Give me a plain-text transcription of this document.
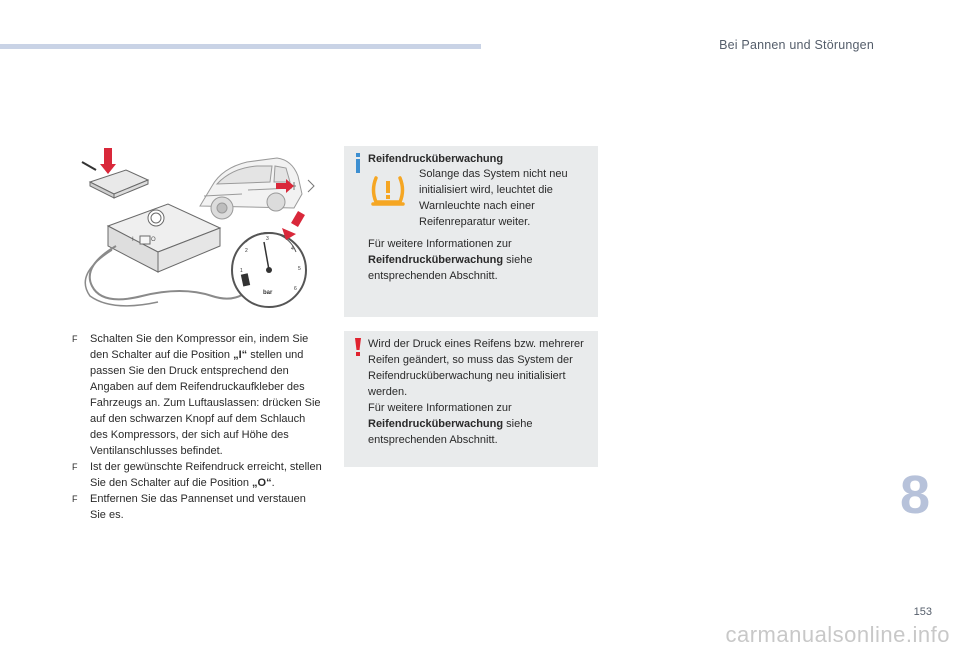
Bei Pannen und Störungen
I	O
1
2
3
4
5
6
bar
Reifendrucküberwachung
Solange das System nicht neu initialisiert wird, leuchtet die Warnleuchte nach einer Reifenreparatur weiter.
Für weitere Informationen zur
Reifendrucküberwachung siehe entsprechenden Abschnitt.
Wird der Druck eines Reifens bzw. mehrerer Reifen geändert, so muss das System der Reifendrucküberwachung neu initialisiert werden.
Für weitere Informationen zur
Reifendrucküberwachung siehe entsprechenden Abschnitt.
F Schalten Sie den Kompressor ein, indem Sie den Schalter auf die Position „I“ stellen und passen Sie den Druck entsprechend den Angaben auf dem Reifendruckaufkleber des Fahrzeugs an. Zum Luftauslassen: drücken Sie auf den schwarzen Knopf auf dem Schlauch des Kompressors, der sich auf Höhe des Ventilanschlusses befindet.
F Ist der gewünschte Reifendruck erreicht, stellen Sie den Schalter auf die Position „O“.
F Entfernen Sie das Pannenset und verstauen Sie es.	8
153
carmanualsonline.info
